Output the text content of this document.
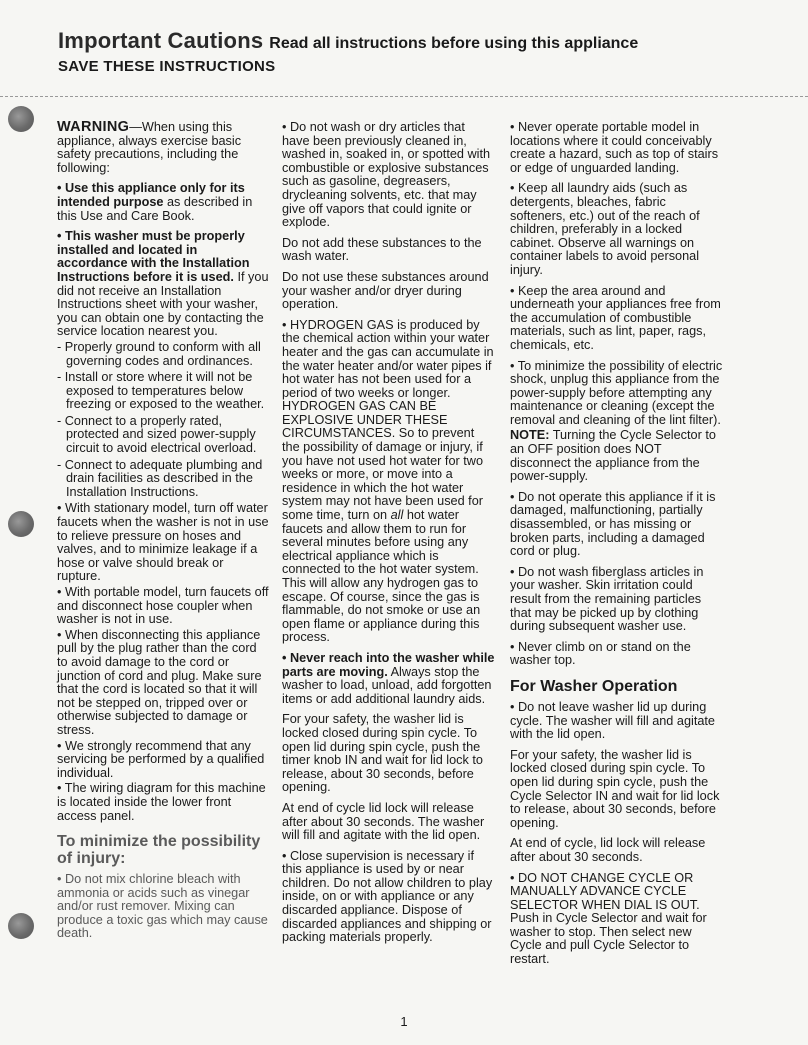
Important Cautions Read all instructions before using this appliance
SAVE THESE INSTRUCTIONS

WARNING—When using this appliance, always exercise basic safety precautions, including the following:

• Use this appliance only for its intended purpose as described in this Use and Care Book.

• This washer must be properly installed and located in accordance with the Installation Instructions before it is used. If you did not receive an Installation Instructions sheet with your washer, you can obtain one by contacting the service location nearest you.

- Properly ground to conform with all governing codes and ordinances.

- Install or store where it will not be exposed to temperatures below freezing or exposed to the weather.

- Connect to a properly rated, protected and sized power-supply circuit to avoid electrical overload.

- Connect to adequate plumbing and drain facilities as described in the Installation Instructions.

• With stationary model, turn off water faucets when the washer is not in use to relieve pressure on hoses and valves, and to minimize leakage if a hose or valve should break or rupture.

• With portable model, turn faucets off and disconnect hose coupler when washer is not in use.

• When disconnecting this appliance pull by the plug rather than the cord to avoid damage to the cord or junction of cord and plug. Make sure that the cord is located so that it will not be stepped on, tripped over or otherwise subjected to damage or stress.

• We strongly recommend that any servicing be performed by a qualified individual.

• The wiring diagram for this machine is located inside the lower front access panel.

To minimize the possibility of injury:

• Do not mix chlorine bleach with ammonia or acids such as vinegar and/or rust remover. Mixing can produce a toxic gas which may cause death.

• Do not wash or dry articles that have been previously cleaned in, washed in, soaked in, or spotted with combustible or explosive substances such as gasoline, degreasers, drycleaning solvents, etc. that may give off vapors that could ignite or explode.

Do not add these substances to the wash water.

Do not use these substances around your washer and/or dryer during operation.

• HYDROGEN GAS is produced by the chemical action within your water heater and the gas can accumulate in the water heater and/or water pipes if hot water has not been used for a period of two weeks or longer. HYDROGEN GAS CAN BE EXPLOSIVE UNDER THESE CIRCUMSTANCES. So to prevent the possibility of damage or injury, if you have not used hot water for two weeks or more, or move into a residence in which the hot water system may not have been used for some time, turn on all hot water faucets and allow them to run for several minutes before using any electrical appliance which is connected to the hot water system. This will allow any hydrogen gas to escape. Of course, since the gas is flammable, do not smoke or use an open flame or appliance during this process.

• Never reach into the washer while parts are moving. Always stop the washer to load, unload, add forgotten items or add additional laundry aids.

For your safety, the washer lid is locked closed during spin cycle. To open lid during spin cycle, push the timer knob IN and wait for lid lock to release, about 30 seconds, before opening.

At end of cycle lid lock will release after about 30 seconds. The washer will fill and agitate with the lid open.

• Close supervision is necessary if this appliance is used by or near children. Do not allow children to play inside, on or with appliance or any discarded appliance. Dispose of discarded appliances and shipping or packing materials properly.

• Never operate portable model in locations where it could conceivably create a hazard, such as top of stairs or edge of unguarded landing.

• Keep all laundry aids (such as detergents, bleaches, fabric softeners, etc.) out of the reach of children, preferably in a locked cabinet. Observe all warnings on container labels to avoid personal injury.

• Keep the area around and underneath your appliances free from the accumulation of combustible materials, such as lint, paper, rags, chemicals, etc.

• To minimize the possibility of electric shock, unplug this appliance from the power-supply before attempting any maintenance or cleaning (except the removal and cleaning of the lint filter).

NOTE: Turning the Cycle Selector to an OFF position does NOT disconnect the appliance from the power-supply.

• Do not operate this appliance if it is damaged, malfunctioning, partially disassembled, or has missing or broken parts, including a damaged cord or plug.

• Do not wash fiberglass articles in your washer. Skin irritation could result from the remaining particles that may be picked up by clothing during subsequent washer use.

• Never climb on or stand on the washer top.

For Washer Operation

• Do not leave washer lid up during cycle. The washer will fill and agitate with the lid open.

For your safety, the washer lid is locked closed during spin cycle. To open lid during spin cycle, push the Cycle Selector IN and wait for lid lock to release, about 30 seconds, before opening.

At end of cycle, lid lock will release after about 30 seconds.

• DO NOT CHANGE CYCLE OR MANUALLY ADVANCE CYCLE SELECTOR WHEN DIAL IS OUT. Push in Cycle Selector and wait for washer to stop. Then select new Cycle and pull Cycle Selector to restart.

1
